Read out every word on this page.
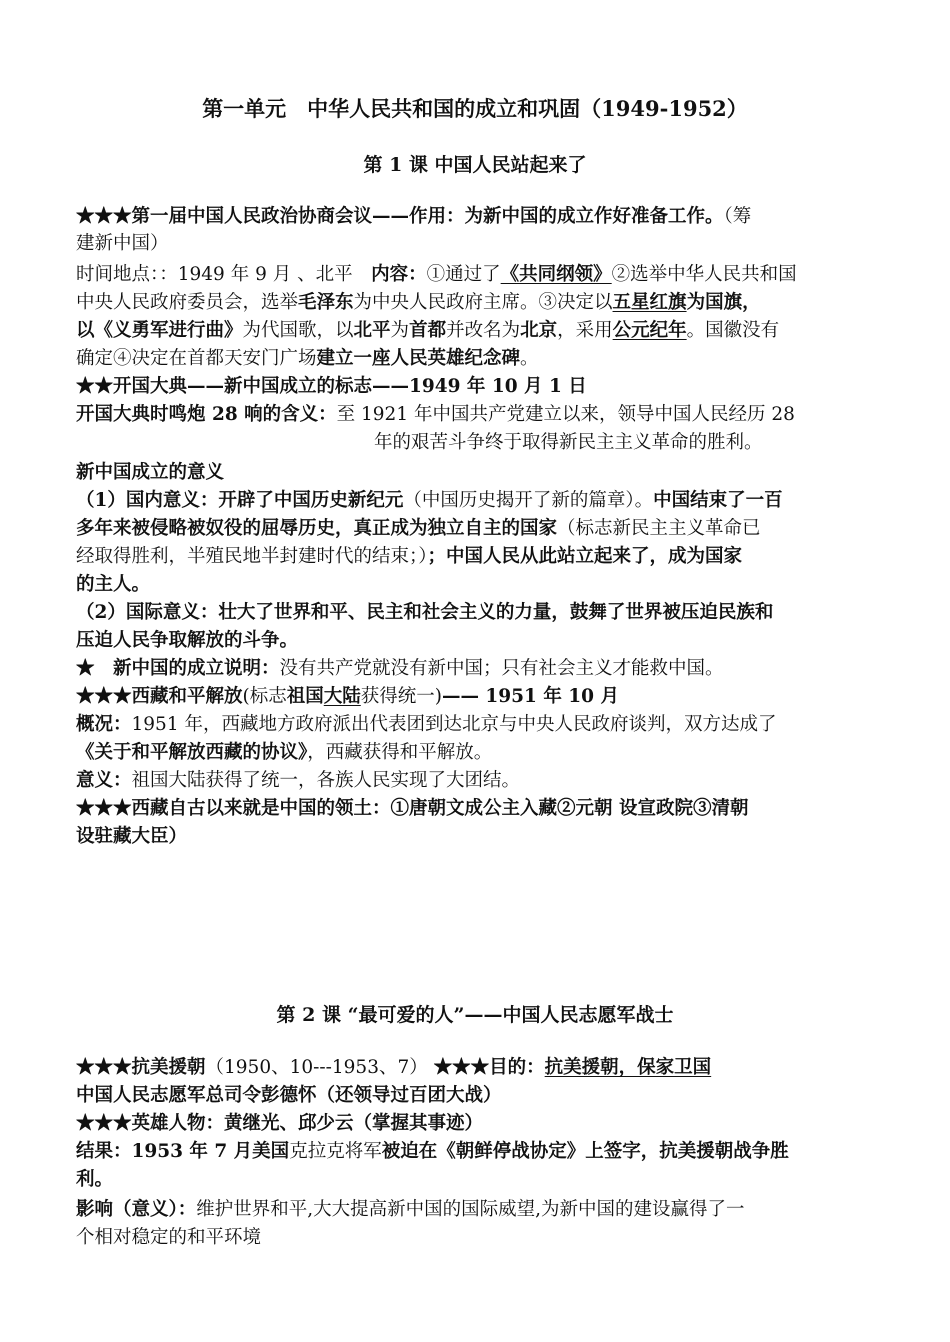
第一单元　中华人民共和国的成立和巩固（1949-1952）
第 1 课 中国人民站起来了
★★★第一届中国人民政治协商会议——作用：为新中国的成立作好准备工作。（筹
建新中国）
时间地点：：1949 年 9 月 、北平　内容：①通过了《共同纲领》②选举中华人民共和国
中央人民政府委员会，选举毛泽东为中央人民政府主席。③决定以五星红旗为国旗，
以《义勇军进行曲》为代国歌，以北平为首都并改名为北京，采用公元纪年。国徽没有
确定④决定在首都天安门广场建立一座人民英雄纪念碑。
★★开国大典——新中国成立的标志——1949 年 10 月 1 日
开国大典时鸣炮 28 响的含义：至 1921 年中国共产党建立以来，领导中国人民经历 28
年的艰苦斗争终于取得新民主主义革命的胜利。
新中国成立的意义
（1）国内意义：开辟了中国历史新纪元（中国历史揭开了新的篇章）。中国结束了一百
多年来被侵略被奴役的屈辱历史，真正成为独立自主的国家（标志新民主主义革命已
经取得胜利，半殖民地半封建时代的结束；）；中国人民从此站立起来了，成为国家
的主人。
（2）国际意义：壮大了世界和平、民主和社会主义的力量，鼓舞了世界被压迫民族和
压迫人民争取解放的斗争。
★　新中国的成立说明：没有共产党就没有新中国；只有社会主义才能救中国。
★★★西藏和平解放(标志祖国大陆获得统一)—— 1951 年 10 月
概况：1951 年，西藏地方政府派出代表团到达北京与中央人民政府谈判，双方达成了
《关于和平解放西藏的协议》，西藏获得和平解放。
意义：祖国大陆获得了统一，各族人民实现了大团结。
★★★西藏自古以来就是中国的领土：①唐朝文成公主入藏②元朝 设宣政院③清朝
设驻藏大臣）
第 2 课 “最可爱的人”——中国人民志愿军战士
★★★抗美援朝（1950、10---1953、7） ★★★目的：抗美援朝，保家卫国
中国人民志愿军总司令彭德怀（还领导过百团大战）
★★★英雄人物：黄继光、邱少云（掌握其事迹）
结果：1953 年 7 月美国克拉克将军被迫在《朝鲜停战协定》上签字，抗美援朝战争胜
利。
影响（意义）：维护世界和平,大大提高新中国的国际威望,为新中国的建设赢得了一
个相对稳定的和平环境
